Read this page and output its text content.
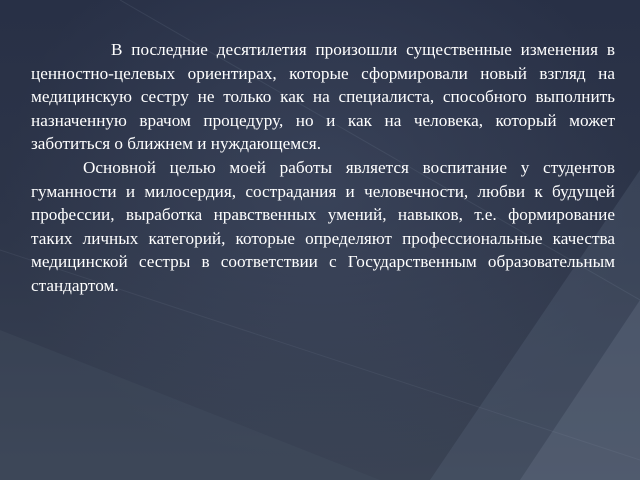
В последние десятилетия произошли существенные изменения в ценностно-целевых ориентирах, которые сформировали новый взгляд на медицинскую сестру не только как на специалиста, способного выполнить назначенную врачом процедуру, но и как на человека, который может заботиться о ближнем и нуждающемся.

Основной целью моей работы является воспитание у студентов гуманности и милосердия, сострадания и человечности, любви к будущей профессии, выработка нравственных умений, навыков, т.е. формирование таких личных категорий, которые определяют профессиональные качества медицинской сестры в соответствии с Государственным образовательным стандартом.
